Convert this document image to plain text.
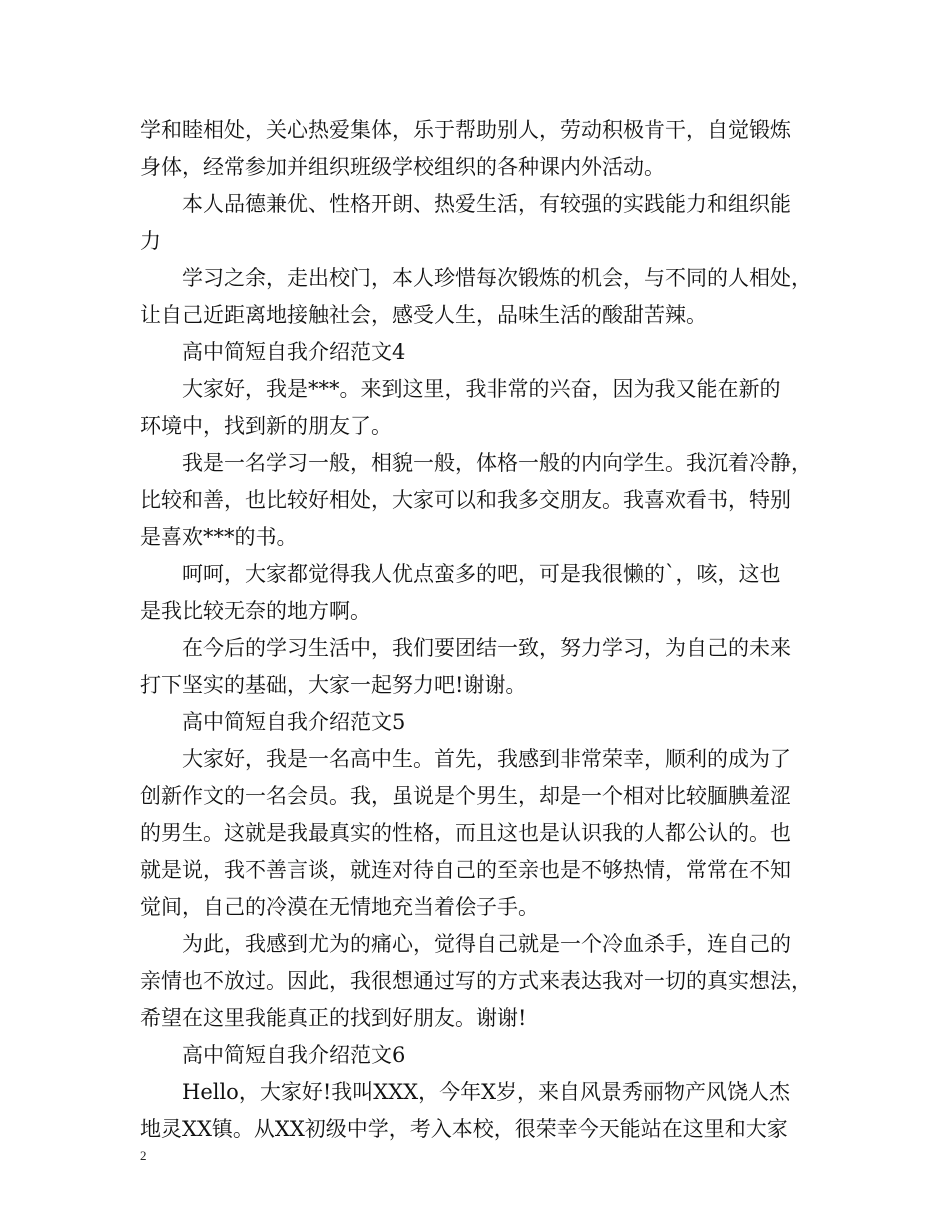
学和睦相处，关心热爱集体，乐于帮助别人，劳动积极肯干，自觉锻炼
身体，经常参加并组织班级学校组织的各种课内外活动。
本人品德兼优、性格开朗、热爱生活，有较强的实践能力和组织能
力
学习之余，走出校门，本人珍惜每次锻炼的机会，与不同的人相处，
让自己近距离地接触社会，感受人生，品味生活的酸甜苦辣。
高中简短自我介绍范文4
大家好，我是***。来到这里，我非常的兴奋，因为我又能在新的
环境中，找到新的朋友了。
我是一名学习一般，相貌一般，体格一般的内向学生。我沉着冷静，
比较和善，也比较好相处，大家可以和我多交朋友。我喜欢看书，特别
是喜欢***的书。
呵呵，大家都觉得我人优点蛮多的吧，可是我很懒的`，咳，这也
是我比较无奈的地方啊。
在今后的学习生活中，我们要团结一致，努力学习，为自己的未来
打下坚实的基础，大家一起努力吧!谢谢。
高中简短自我介绍范文5
大家好，我是一名高中生。首先，我感到非常荣幸，顺利的成为了
创新作文的一名会员。我，虽说是个男生，却是一个相对比较腼腆羞涩
的男生。这就是我最真实的性格，而且这也是认识我的人都公认的。也
就是说，我不善言谈，就连对待自己的至亲也是不够热情，常常在不知
觉间，自己的冷漠在无情地充当着侩子手。
为此，我感到尤为的痛心，觉得自己就是一个冷血杀手，连自己的
亲情也不放过。因此，我很想通过写的方式来表达我对一切的真实想法，
希望在这里我能真正的找到好朋友。谢谢!
高中简短自我介绍范文6
Hello，大家好!我叫XXX，今年X岁，来自风景秀丽物产风饶人杰
地灵XX镇。从XX初级中学，考入本校，很荣幸今天能站在这里和大家
2
